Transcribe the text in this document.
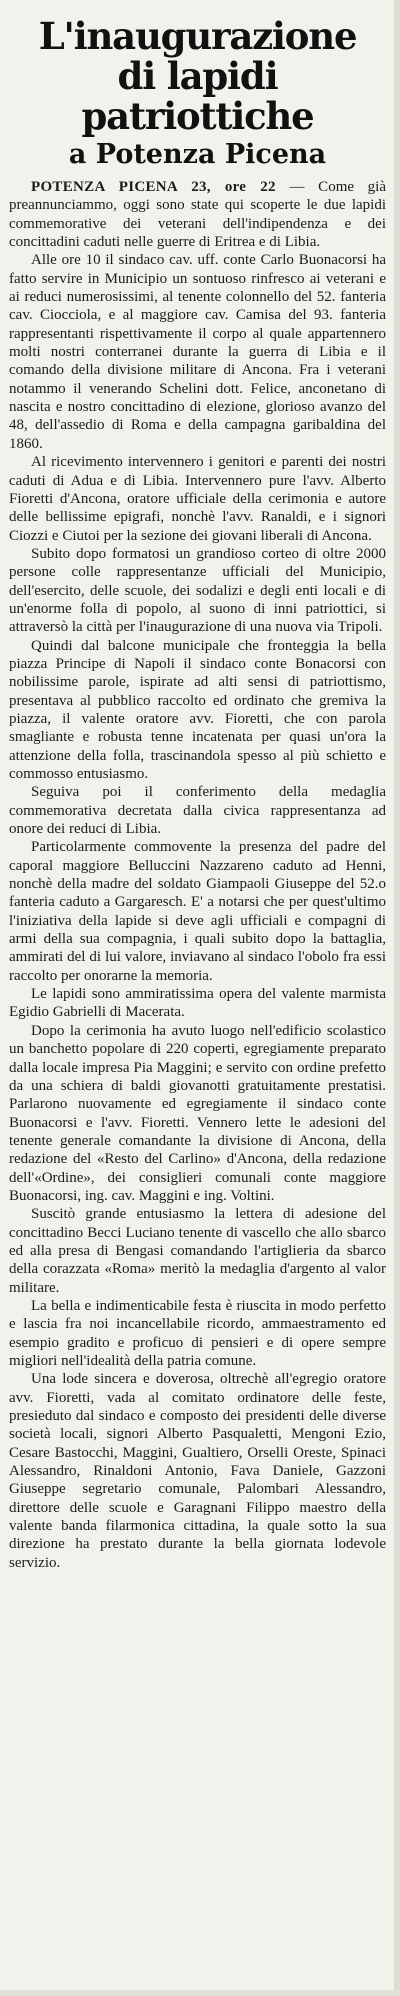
L'inaugurazione
di lapidi patriottiche
a Potenza Picena

POTENZA PICENA 23, ore 22 — Come già preannunciammo, oggi sono state qui scoperte le due lapidi commemorative dei veterani dell'indipendenza e dei concittadini caduti nelle guerre di Eritrea e di Libia.

Alle ore 10 il sindaco cav. uff. conte Carlo Buonacorsi ha fatto servire in Municipio un sontuoso rinfresco ai veterani e ai reduci numerosissimi, al tenente colonnello del 52. fanteria cav. Ciocciola, e al maggiore cav. Camisa del 93. fanteria rappresentanti rispettivamente il corpo al quale appartennero molti nostri conterranei durante la guerra di Libia e il comando della divisione militare di Ancona. Fra i veterani notammo il venerando Schelini dott. Felice, anconetano di nascita e nostro concittadino di elezione, glorioso avanzo del 48, dell'assedio di Roma e della campagna garibaldina del 1860.

Al ricevimento intervennero i genitori e parenti dei nostri caduti di Adua e di Libia. Intervennero pure l'avv. Alberto Fioretti d'Ancona, oratore ufficiale della cerimonia e autore delle bellissime epigrafi, nonchè l'avv. Ranaldi, e i signori Ciozzi e Ciutoi per la sezione dei giovani liberali di Ancona.

Subito dopo formatosi un grandioso corteo di oltre 2000 persone colle rappresentanze ufficiali del Municipio, dell'esercito, delle scuole, dei sodalizi e degli enti locali e di un'enorme folla di popolo, al suono di inni patriottici, si attraversò la città per l'inaugurazione di una nuova via Tripoli.

Quindi dal balcone municipale che fronteggia la bella piazza Principe di Napoli il sindaco conte Bonacorsi con nobilissime parole, ispirate ad alti sensi di patriottismo, presentava al pubblico raccolto ed ordinato che gremiva la piazza, il valente oratore avv. Fioretti, che con parola smagliante e robusta tenne incatenata per quasi un'ora la attenzione della folla, trascinandola spesso al più schietto e commosso entusiasmo.

Seguiva poi il conferimento della medaglia commemorativa decretata dalla civica rappresentanza ad onore dei reduci di Libia.

Particolarmente commovente la presenza del padre del caporal maggiore Belluccini Nazzareno caduto ad Henni, nonchè della madre del soldato Giampaoli Giuseppe del 52.o fanteria caduto a Gargaresch. E' a notarsi che per quest'ultimo l'iniziativa della lapide si deve agli ufficiali e compagni di armi della sua compagnia, i quali subito dopo la battaglia, ammirati del di lui valore, inviavano al sindaco l'obolo fra essi raccolto per onorarne la memoria.

Le lapidi sono ammiratissima opera del valente marmista Egidio Gabrielli di Macerata.

Dopo la cerimonia ha avuto luogo nell'edificio scolastico un banchetto popolare di 220 coperti, egregiamente preparato dalla locale impresa Pia Maggini; e servito con ordine prefetto da una schiera di baldi giovanotti gratuitamente prestatisi. Parlarono nuovamente ed egregiamente il sindaco conte Buonacorsi e l'avv. Fioretti. Vennero lette le adesioni del tenente generale comandante la divisione di Ancona, della redazione del «Resto del Carlino» d'Ancona, della redazione dell'«Ordine», dei consiglieri comunali conte maggiore Buonacorsi, ing. cav. Maggini e ing. Voltini.

Suscitò grande entusiasmo la lettera di adesione del concittadino Becci Luciano tenente di vascello che allo sbarco ed alla presa di Bengasi comandando l'artiglieria da sbarco della corazzata «Roma» meritò la medaglia d'argento al valor militare.

La bella e indimenticabile festa è riuscita in modo perfetto e lascia fra noi incancellabile ricordo, ammaestramento ed esempio gradito e proficuo di pensieri e di opere sempre migliori nell'idealità della patria comune.

Una lode sincera e doverosa, oltrechè all'egregio oratore avv. Fioretti, vada al comitato ordinatore delle feste, presieduto dal sindaco e composto dei presidenti delle diverse società locali, signori Alberto Pasqualetti, Mengoni Ezio, Cesare Bastocchi, Maggini, Gualtiero, Orselli Oreste, Spinaci Alessandro, Rinaldoni Antonio, Fava Daniele, Gazzoni Giuseppe segretario comunale, Palombari Alessandro, direttore delle scuole e Garagnani Filippo maestro della valente banda filarmonica cittadina, la quale sotto la sua direzione ha prestato durante la bella giornata lodevole servizio.
